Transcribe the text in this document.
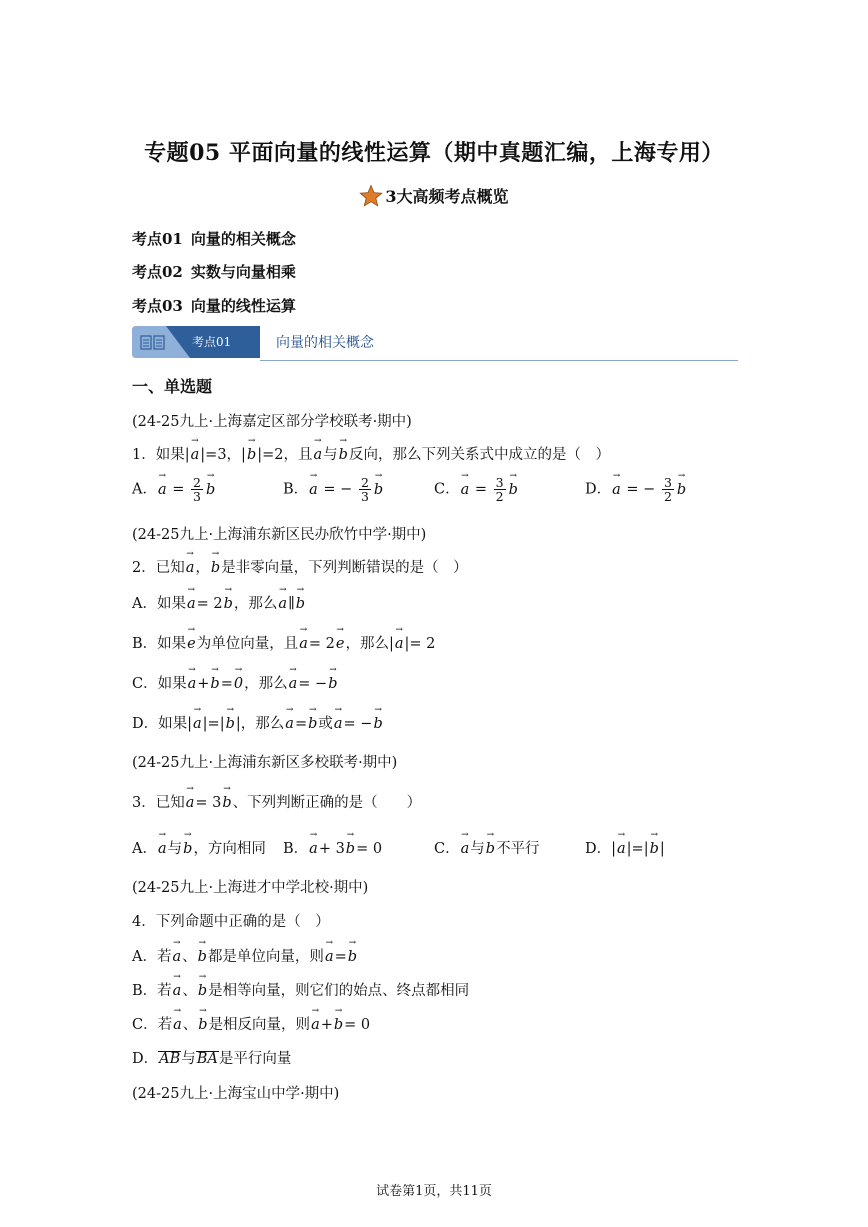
专题05 平面向量的线性运算（期中真题汇编，上海专用）
3大高频考点概览
考点01 向量的相关概念
考点02 实数与向量相乘
考点03 向量的线性运算
考点01	向量的相关概念
一、单选题
(24-25九上·上海嘉定区部分学校联考·期中)
1．如果|→ a|=3，|→ b|=2，且→ a与→ b反向，那么下列关系式中成立的是（　）
A．→ $a = \frac{2}{3}$
→ b	B．→ a = − $\frac{2}{3}$
→ b	C．→ $a = \frac{3}{2}$
→ b	D．→ a = − $\frac{3}{2}$
→ b
(24-25九上·上海浦东新区民办欣竹中学·期中)
2．已知→ a，→ b是非零向量，下列判断错误的是（　）
A．如果→ a= 2→ b，那么→ a∥→ b
B．如果→ e为单位向量，且→ a= 2→ e，那么|→ a|= 2
C．如果→ a+→ b=→ 0，那么→ a= −→ b
D．如果|→ a|=|→ b|，那么→ a=→ b或→ a= −→ b
(24-25九上·上海浦东新区多校联考·期中)
3．已知→ a= 3→ b、下列判断正确的是（　　）
A．→ a与→ b，方向相同 B．→ a+ 3→ b= 0	C．→ a与→ b不平行	D．|→ a|=|→ b|
(24-25九上·上海进才中学北校·期中)
4．下列命题中正确的是（　）
A．若→ a、→ b都是单位向量，则→ a=→ b
B．若→ a、→ b是相等向量，则它们的始点、终点都相同
C．若→ a、→ b是相反向量，则→ a+→ b= 0
D．AB与BA是平行向量
(24-25九上·上海宝山中学·期中)
试卷第1页，共11页
